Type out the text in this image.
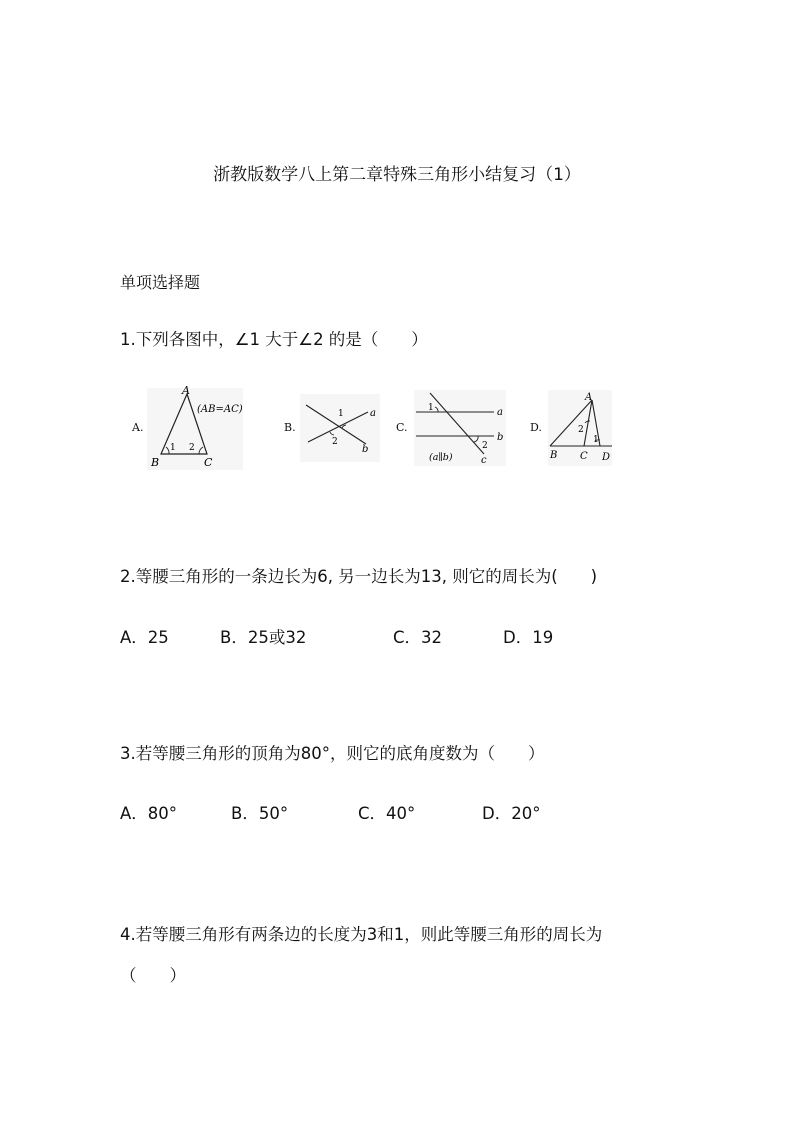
浙教版数学八上第二章特殊三角形小结复习（1）
单项选择题
1.下列各图中，∠1 大于∠2 的是（　　）
A.
A
B	C
1 2
(AB=AC)
B.
1
2
a
b
C.
1
2
a
b
c
(a∥b)
D.
A
B C D
2
1
2.等腰三角形的一条边长为6, 另一边长为13, 则它的周长为(　　)
A．25	B．25或32	C．32	D．19
3.若等腰三角形的顶角为80°，则它的底角度数为（　　）
A．80°	B．50°	C．40°	D．20°
4.若等腰三角形有两条边的长度为3和1，则此等腰三角形的周长为
（　　）
